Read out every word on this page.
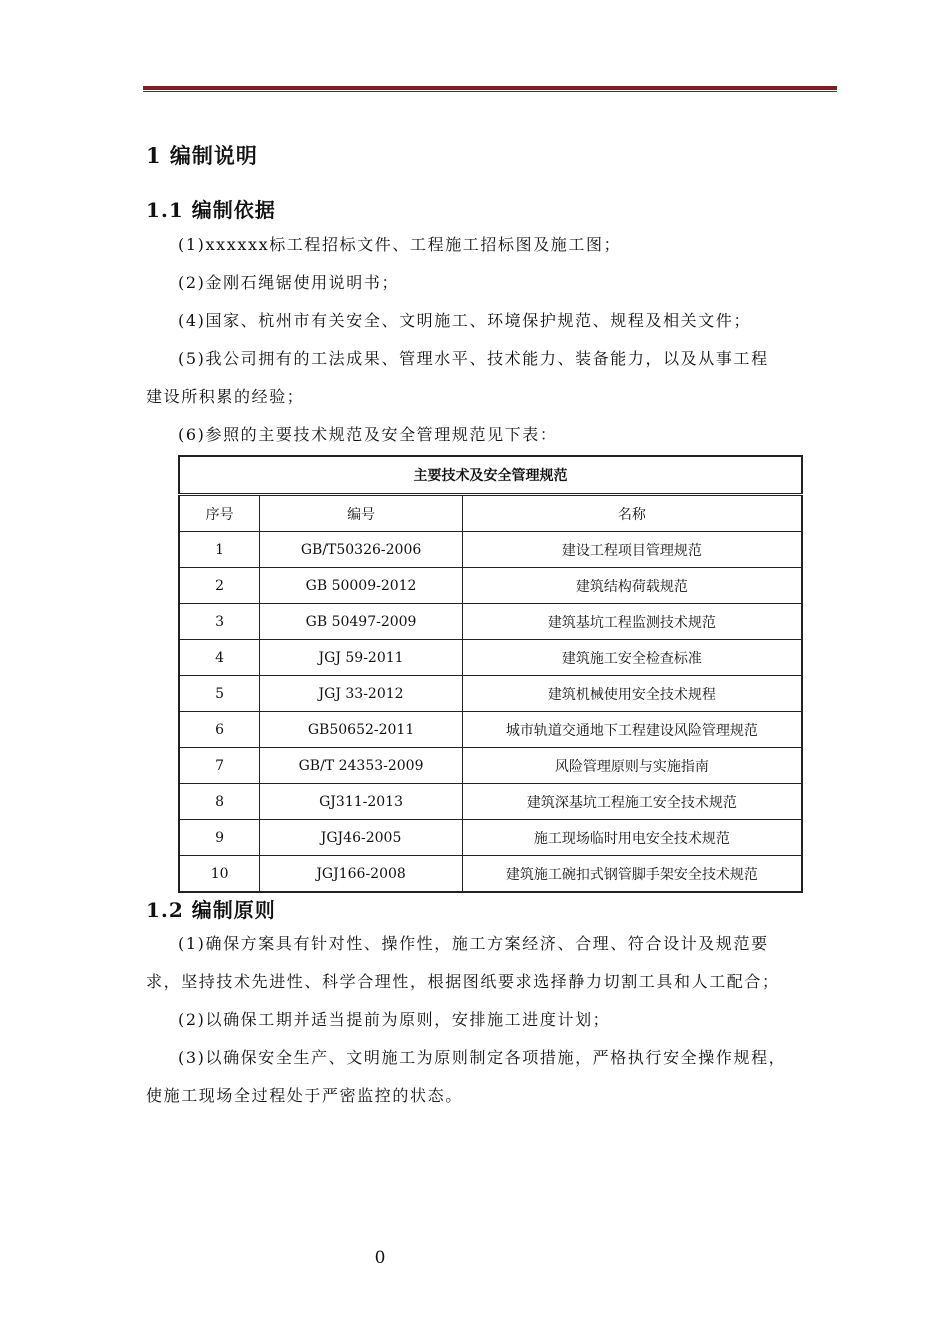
1 编制说明
1.1 编制依据

(1)xxxxxx标工程招标文件、工程施工招标图及施工图；

(2)金刚石绳锯使用说明书；

(4)国家、杭州市有关安全、文明施工、环境保护规范、规程及相关文件；

(5)我公司拥有的工法成果、管理水平、技术能力、装备能力，以及从事工程

建设所积累的经验；

(6)参照的主要技术规范及安全管理规范见下表：

主要技术及安全管理规范		
序号	编号	名称
1	GB/T50326-2006	建设工程项目管理规范
2	GB 50009-2012	建筑结构荷载规范
3	GB 50497-2009	建筑基坑工程监测技术规范
4	JGJ 59-2011	建筑施工安全检查标准
5	JGJ 33-2012	建筑机械使用安全技术规程
6	GB50652-2011	城市轨道交通地下工程建设风险管理规范
7	GB/T 24353-2009	风险管理原则与实施指南
8	GJ311-2013	建筑深基坑工程施工安全技术规范
9	JGJ46-2005	施工现场临时用电安全技术规范
10	JGJ166-2008	建筑施工碗扣式钢管脚手架安全技术规范
1.2 编制原则

(1)确保方案具有针对性、操作性，施工方案经济、合理、符合设计及规范要

求，坚持技术先进性、科学合理性，根据图纸要求选择静力切割工具和人工配合；

(2)以确保工期并适当提前为原则，安排施工进度计划；

(3)以确保安全生产、文明施工为原则制定各项措施，严格执行安全操作规程，

使施工现场全过程处于严密监控的状态。

0
